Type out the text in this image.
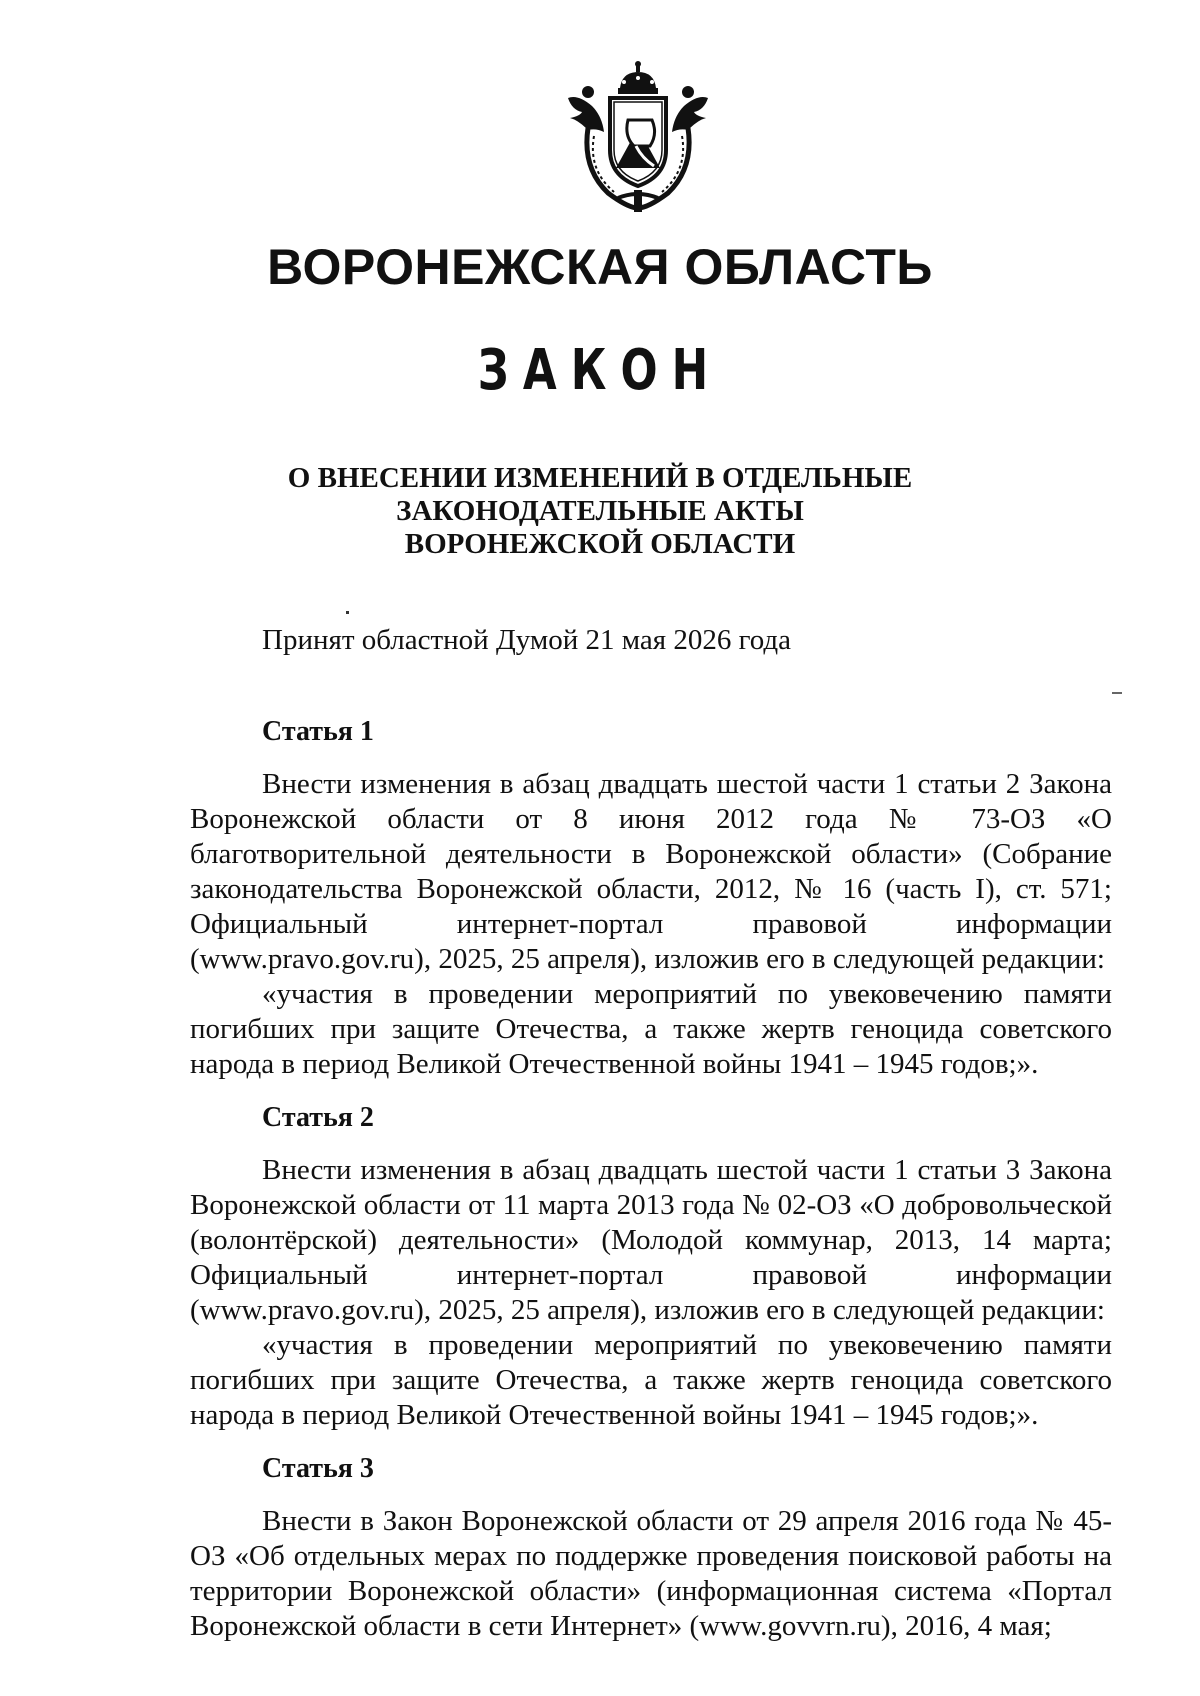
ВОРОНЕЖСКАЯ ОБЛАСТЬ
ЗАКОН
О ВНЕСЕНИИ ИЗМЕНЕНИЙ В ОТДЕЛЬНЫЕ
ЗАКОНОДАТЕЛЬНЫЕ АКТЫ
ВОРОНЕЖСКОЙ ОБЛАСТИ
Принят областной Думой 21 мая 2026 года
Статья 1

Внести изменения в абзац двадцать шестой части 1 статьи 2 Закона Воронежской области от 8 июня 2012 года № 73-ОЗ «О благотворительной деятельности в Воронежской области» (Собрание законодательства Воронежской области, 2012, № 16 (часть I), ст. 571; Официальный интернет-портал правовой информации (www.pravo.gov.ru), 2025, 25 апреля), изложив его в следующей редакции:

«участия в проведении мероприятий по увековечению памяти погибших при защите Отечества, а также жертв геноцида советского народа в период Великой Отечественной войны 1941 – 1945 годов;».

Статья 2

Внести изменения в абзац двадцать шестой части 1 статьи 3 Закона Воронежской области от 11 марта 2013 года № 02-ОЗ «О добровольческой (волонтёрской) деятельности» (Молодой коммунар, 2013, 14 марта; Официальный интернет-портал правовой информации (www.pravo.gov.ru), 2025, 25 апреля), изложив его в следующей редакции:

«участия в проведении мероприятий по увековечению памяти погибших при защите Отечества, а также жертв геноцида советского народа в период Великой Отечественной войны 1941 – 1945 годов;».

Статья 3

Внести в Закон Воронежской области от 29 апреля 2016 года № 45-ОЗ «Об отдельных мерах по поддержке проведения поисковой работы на территории Воронежской области» (информационная система «Портал Воронежской области в сети Интернет» (www.govvrn.ru), 2016, 4 мая;
